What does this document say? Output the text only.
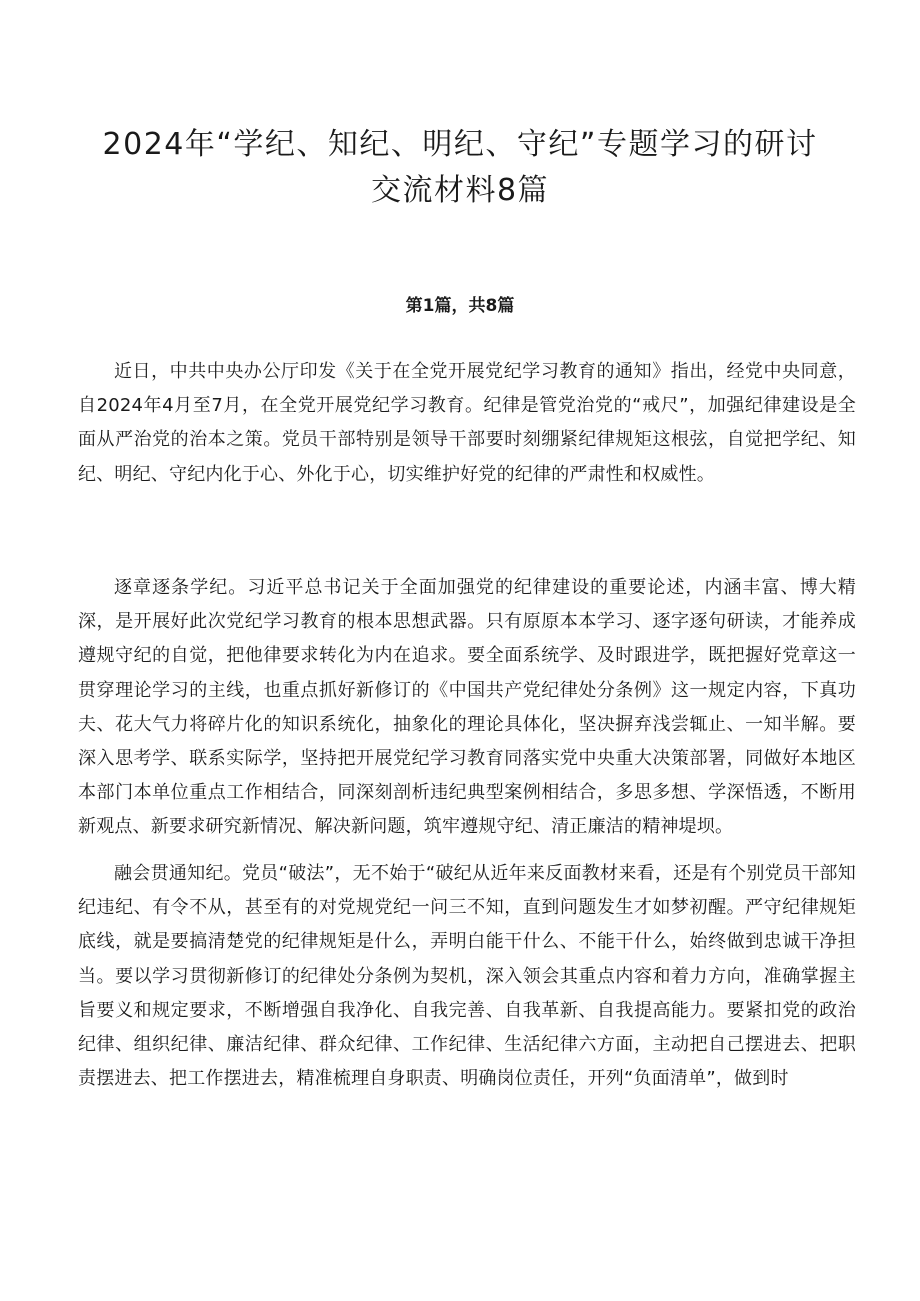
2024年“学纪、知纪、明纪、守纪”专题学习的研讨交流材料8篇
第1篇，共8篇

近日，中共中央办公厅印发《关于在全党开展党纪学习教育的通知》指出，经党中央同意，自2024年4月至7月，在全党开展党纪学习教育。纪律是管党治党的“戒尺”，加强纪律建设是全面从严治党的治本之策。党员干部特别是领导干部要时刻绷紧纪律规矩这根弦，自觉把学纪、知纪、明纪、守纪内化于心、外化于心，切实维护好党的纪律的严肃性和权威性。

逐章逐条学纪。习近平总书记关于全面加强党的纪律建设的重要论述，内涵丰富、博大精深，是开展好此次党纪学习教育的根本思想武器。只有原原本本学习、逐字逐句研读，才能养成遵规守纪的自觉，把他律要求转化为内在追求。要全面系统学、及时跟进学，既把握好党章这一贯穿理论学习的主线，也重点抓好新修订的《中国共产党纪律处分条例》这一规定内容，下真功夫、花大气力将碎片化的知识系统化，抽象化的理论具体化，坚决摒弃浅尝辄止、一知半解。要深入思考学、联系实际学，坚持把开展党纪学习教育同落实党中央重大决策部署，同做好本地区本部门本单位重点工作相结合，同深刻剖析违纪典型案例相结合，多思多想、学深悟透，不断用新观点、新要求研究新情况、解决新问题，筑牢遵规守纪、清正廉洁的精神堤坝。

融会贯通知纪。党员“破法”，无不始于“破纪从近年来反面教材来看，还是有个别党员干部知纪违纪、有令不从，甚至有的对党规党纪一问三不知，直到问题发生才如梦初醒。严守纪律规矩底线，就是要搞清楚党的纪律规矩是什么，弄明白能干什么、不能干什么，始终做到忠诚干净担当。要以学习贯彻新修订的纪律处分条例为契机，深入领会其重点内容和着力方向，准确掌握主旨要义和规定要求，不断增强自我净化、自我完善、自我革新、自我提高能力。要紧扣党的政治纪律、组织纪律、廉洁纪律、群众纪律、工作纪律、生活纪律六方面，主动把自己摆进去、把职责摆进去、把工作摆进去，精准梳理自身职责、明确岗位责任，开列“负面清单”，做到时
